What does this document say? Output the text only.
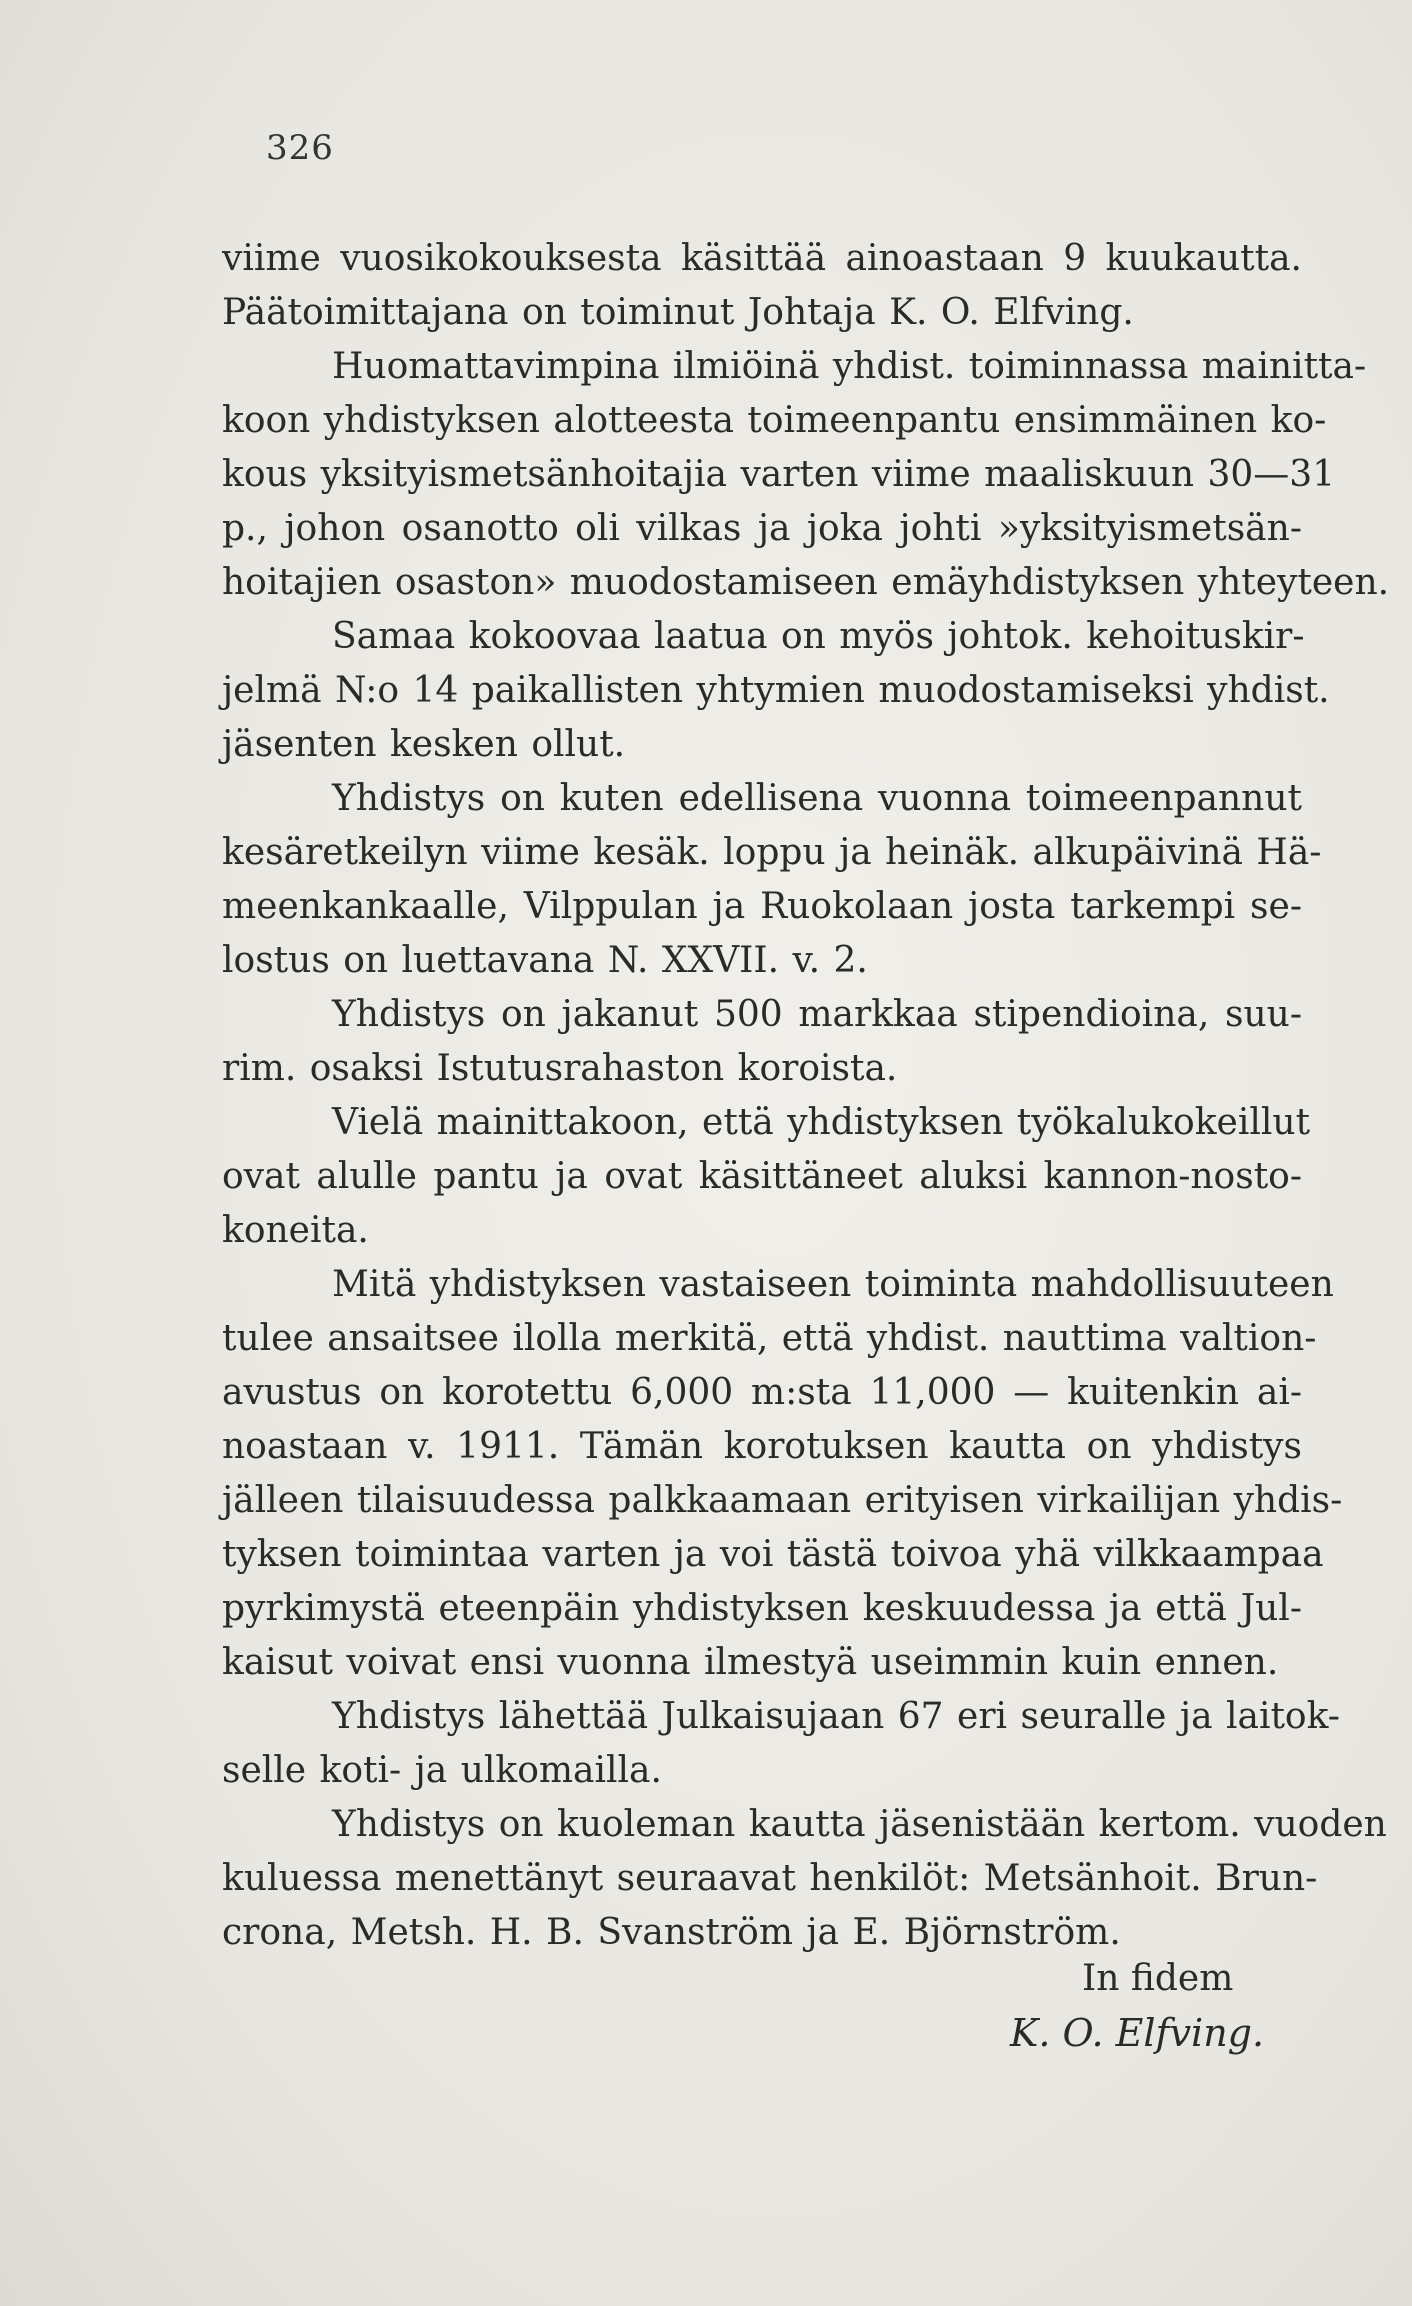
326
viime vuosikokouksesta käsittää ainoastaan 9 kuukautta.
Päätoimittajana on toiminut Johtaja K. O. Elfving.
Huomattavimpina ilmiöinä yhdist. toiminnassa mainitta-
koon yhdistyksen alotteesta toimeenpantu ensimmäinen ko-
kous yksityismetsänhoitajia varten viime maaliskuun 30—31
p., johon osanotto oli vilkas ja joka johti »yksityismetsän-
hoitajien osaston» muodostamiseen emäyhdistyksen yhteyteen.
Samaa kokoovaa laatua on myös johtok. kehoituskir-
jelmä N:o 14 paikallisten yhtymien muodostamiseksi yhdist.
jäsenten kesken ollut.
Yhdistys on kuten edellisena vuonna toimeenpannut
kesäretkeilyn viime kesäk. loppu ja heinäk. alkupäivinä Hä-
meenkankaalle, Vilppulan ja Ruokolaan josta tarkempi se-
lostus on luettavana N. XXVII. v. 2.
Yhdistys on jakanut 500 markkaa stipendioina, suu-
rim. osaksi Istutusrahaston koroista.
Vielä mainittakoon, että yhdistyksen työkalukokeillut
ovat alulle pantu ja ovat käsittäneet aluksi kannon-nosto-
koneita.
Mitä yhdistyksen vastaiseen toiminta mahdollisuuteen
tulee ansaitsee ilolla merkitä, että yhdist. nauttima valtion-
avustus on korotettu 6,000 m:sta 11,000 — kuitenkin ai-
noastaan v. 1911. Tämän korotuksen kautta on yhdistys
jälleen tilaisuudessa palkkaamaan erityisen virkailijan yhdis-
tyksen toimintaa varten ja voi tästä toivoa yhä vilkkaampaa
pyrkimystä eteenpäin yhdistyksen keskuudessa ja että Jul-
kaisut voivat ensi vuonna ilmestyä useimmin kuin ennen.
Yhdistys lähettää Julkaisujaan 67 eri seuralle ja laitok-
selle koti- ja ulkomailla.
Yhdistys on kuoleman kautta jäsenistään kertom. vuoden
kuluessa menettänyt seuraavat henkilöt: Metsänhoit. Brun-
crona, Metsh. H. B. Svanström ja E. Björnström.
In fidem
K. O. Elfving.
